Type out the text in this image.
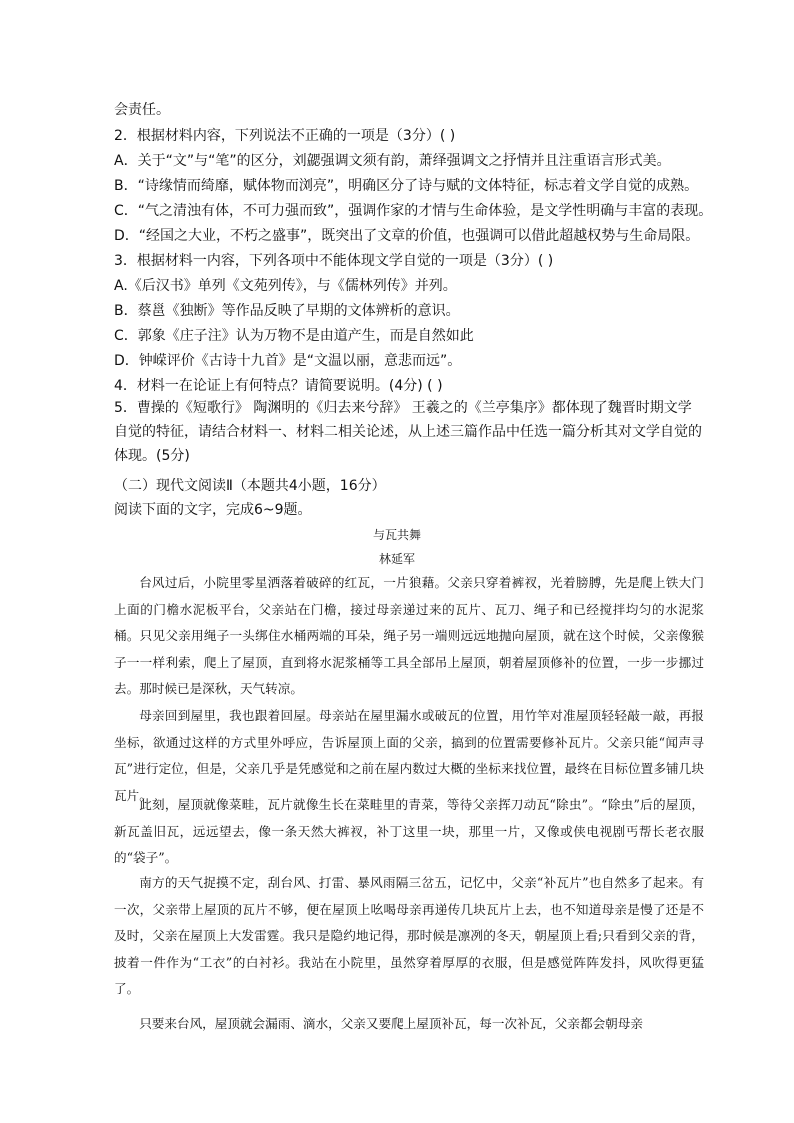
会责任。
2．根据材料内容，下列说法不正确的一项是（3分）( )
A．关于“文”与“笔”的区分，刘勰强调文须有韵，萧绎强调文之抒情并且注重语言形式美。
B．“诗缘情而绮靡，赋体物而浏亮”，明确区分了诗与赋的文体特征，标志着文学自觉的成熟。
C．“气之清浊有体，不可力强而致”，强调作家的才情与生命体验，是文学性明确与丰富的表现。
D．“经国之大业，不朽之盛事”，既突出了文章的价值，也强调可以借此超越权势与生命局限。
3．根据材料一内容，下列各项中不能体现文学自觉的一项是（3分）( )
A.《后汉书》单列《文苑列传》，与《儒林列传》并列。
B．蔡邕《独断》等作品反映了早期的文体辨析的意识。
C．郭象《庄子注》认为万物不是由道产生，而是自然如此
D．钟嵘评价《古诗十九首》是“文温以丽，意悲而远”。
4．材料一在论证上有何特点？请简要说明。(4分) ( )
5．曹操的《短歌行》 陶渊明的《归去来兮辞》 王羲之的《兰亭集序》都体现了魏晋时期文学自觉的特征，请结合材料一、材料二相关论述，从上述三篇作品中任选一篇分析其对文学自觉的体现。(5分)
（二）现代文阅读Ⅱ（本题共4小题，16分）
阅读下面的文字，完成6~9题。
与瓦共舞
林延军

台风过后，小院里零星洒落着破碎的红瓦，一片狼藉。父亲只穿着裤衩，光着膀膊，先是爬上铁大门上面的门檐水泥板平台，父亲站在门檐，接过母亲递过来的瓦片、瓦刀、绳子和已经搅拌均匀的水泥浆桶。只见父亲用绳子一头绑住水桶两端的耳朵，绳子另一端则远远地抛向屋顶，就在这个时候，父亲像猴子一一样利索，爬上了屋顶，直到将水泥浆桶等工具全部吊上屋顶，朝着屋顶修补的位置，一步一步挪过去。那时候已是深秋，天气转凉。

母亲回到屋里，我也跟着回屋。母亲站在屋里漏水或破瓦的位置，用竹竿对准屋顶轻轻敲一敲，再报坐标，欲通过这样的方式里外呼应，告诉屋顶上面的父亲，搞到的位置需要修补瓦片。父亲只能“闻声寻瓦”进行定位，但是，父亲几乎是凭感觉和之前在屋内数过大概的坐标来找位置，最终在目标位置多铺几块瓦片。

此刻，屋顶就像菜畦，瓦片就像生长在菜畦里的青菜，等待父亲挥刀动瓦“除虫”。“除虫”后的屋顶，新瓦盖旧瓦，远远望去，像一条天然大裤衩，补丁这里一块，那里一片，又像或侠电视剧丐帮长老衣服的“袋子”。

南方的天气捉摸不定，刮台风、打雷、暴风雨隔三岔五，记忆中，父亲“补瓦片”也自然多了起来。有一次，父亲带上屋顶的瓦片不够，便在屋顶上吆喝母亲再递传几块瓦片上去，也不知道母亲是慢了还是不及时，父亲在屋顶上大发雷霆。我只是隐约地记得，那时候是凛冽的冬天，朝屋顶上看;只看到父亲的背，披着一件作为“工衣”的白衬衫。我站在小院里，虽然穿着厚厚的衣服，但是感觉阵阵发抖，风吹得更猛了。

只要来台风，屋顶就会漏雨、滴水，父亲又要爬上屋顶补瓦，每一次补瓦，父亲都会朝母亲
